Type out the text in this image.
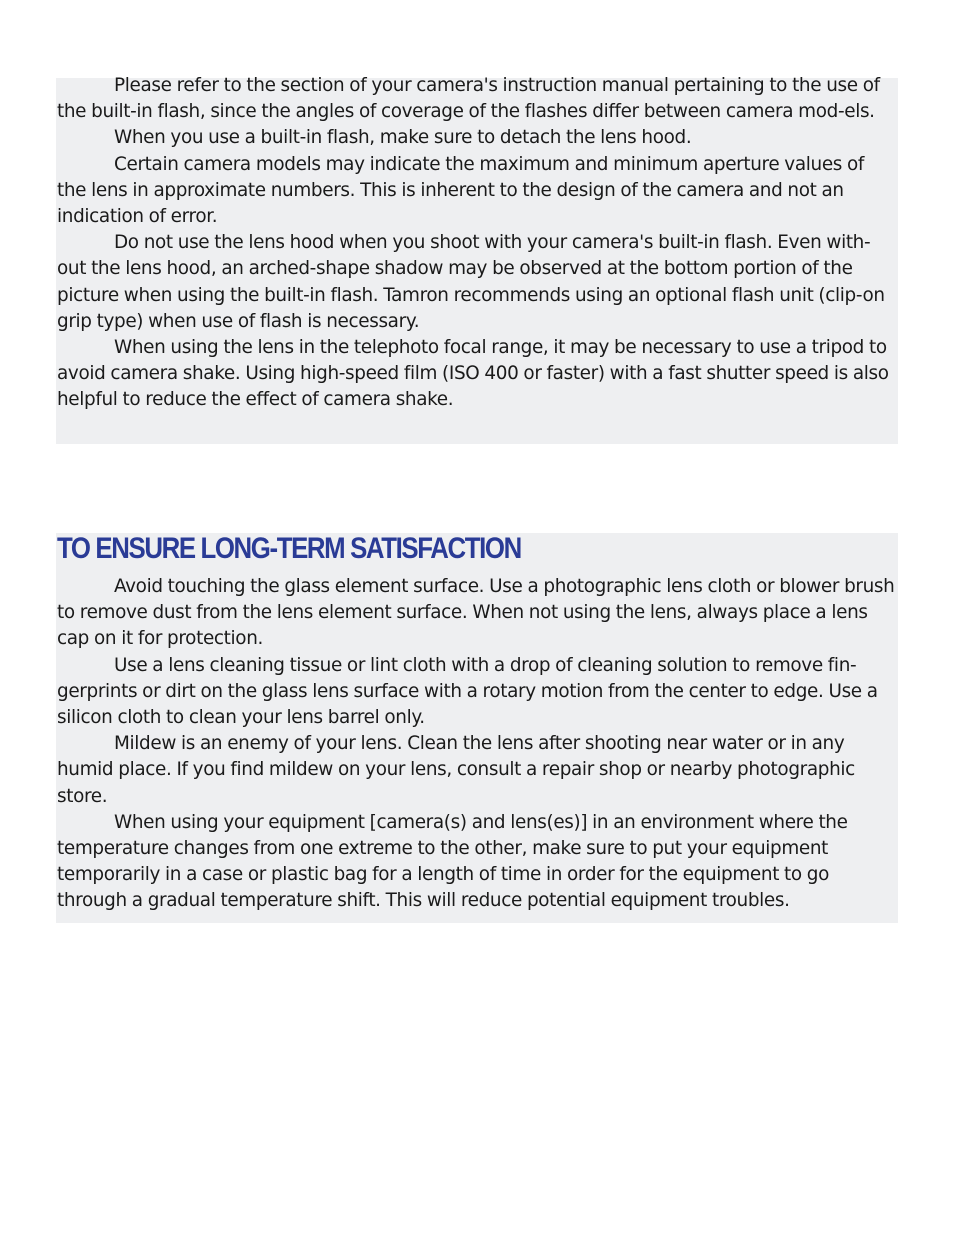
Please refer to the section of your camera's instruction manual pertaining to the use of the built-in flash, since the angles of coverage of the flashes differ between camera mod-els.

When you use a built-in flash, make sure to detach the lens hood.

Certain camera models may indicate the maximum and minimum aperture values of the lens in approximate numbers. This is inherent to the design of the camera and not an indication of error.

Do not use the lens hood when you shoot with your camera's built-in flash. Even with-out the lens hood, an arched-shape shadow may be observed at the bottom portion of the picture when using the built-in flash. Tamron recommends using an optional flash unit (clip-on grip type) when use of flash is necessary.

When using the lens in the telephoto focal range, it may be necessary to use a tripod to avoid camera shake. Using high-speed film (ISO 400 or faster) with a fast shutter speed is also helpful to reduce the effect of camera shake.

TO ENSURE LONG-TERM SATISFACTION

Avoid touching the glass element surface. Use a photographic lens cloth or blower brush to remove dust from the lens element surface. When not using the lens, always place a lens cap on it for protection.

Use a lens cleaning tissue or lint cloth with a drop of cleaning solution to remove fin-gerprints or dirt on the glass lens surface with a rotary motion from the center to edge. Use a silicon cloth to clean your lens barrel only.

Mildew is an enemy of your lens. Clean the lens after shooting near water or in any humid place. If you find mildew on your lens, consult a repair shop or nearby photographic store.

When using your equipment [camera(s) and lens(es)] in an environment where the temperature changes from one extreme to the other, make sure to put your equipment temporarily in a case or plastic bag for a length of time in order for the equipment to go through a gradual temperature shift. This will reduce potential equipment troubles.
